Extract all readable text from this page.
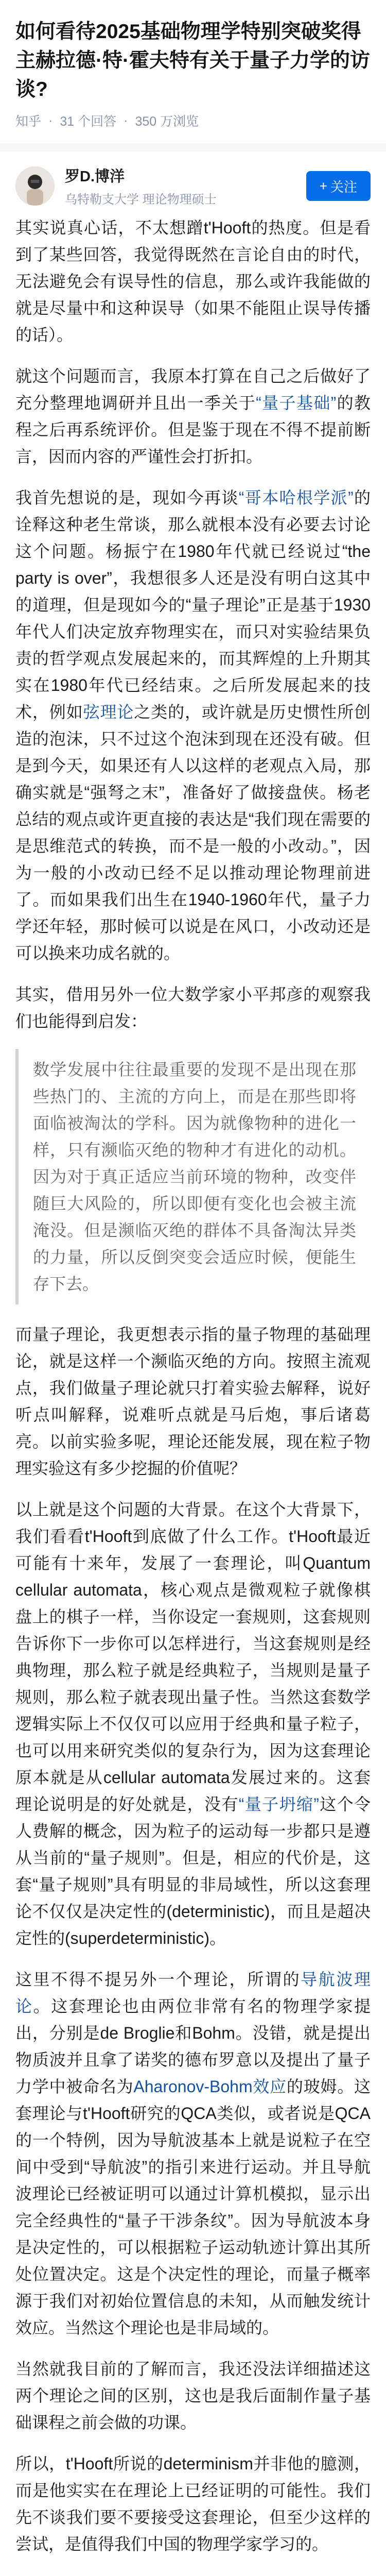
如何看待2025基础物理学特别突破奖得主赫拉德·特·霍夫特有关于量子力学的访谈?
知乎 · 31 个回答 · 350 万浏览
罗D.博洋
乌特勒支大学 理论物理硕士
+ 关注

其实说真心话，不太想蹭t'Hooft的热度。但是看到了某些回答，我觉得既然在言论自由的时代，无法避免会有误导性的信息，那么或许我能做的就是尽量中和这种误导（如果不能阻止误导传播的话）。

就这个问题而言，我原本打算在自己之后做好了充分整理地调研并且出一季关于“量子基础”的教程之后再系统评价。但是鉴于现在不得不提前断言，因而内容的严谨性会打折扣。

我首先想说的是，现如今再谈“哥本哈根学派”的诠释这种老生常谈，那么就根本没有必要去讨论这个问题。杨振宁在1980年代就已经说过“the party is over”，我想很多人还是没有明白这其中的道理，但是现如今的“量子理论”正是基于1930年代人们决定放弃物理实在，而只对实验结果负责的哲学观点发展起来的，而其辉煌的上升期其实在1980年代已经结束。之后所发展起来的技术，例如弦理论之类的，或许就是历史惯性所创造的泡沫，只不过这个泡沫到现在还没有破。但是到今天，如果还有人以这样的老观点入局，那确实就是“强弩之末”，准备好了做接盘侠。杨老总结的观点或许更直接的表达是“我们现在需要的是思维范式的转换，而不是一般的小改动。”，因为一般的小改动已经不足以推动理论物理前进了。而如果我们出生在1940-1960年代，量子力学还年轻，那时候可以说是在风口，小改动还是可以换来功成名就的。

其实，借用另外一位大数学家小平邦彦的观察我们也能得到启发：

数学发展中往往最重要的发现不是出现在那些热门的、主流的方向上，而是在那些即将面临被淘汰的学科。因为就像物种的进化一样，只有濒临灭绝的物种才有进化的动机。因为对于真正适应当前环境的物种，改变伴随巨大风险的，所以即便有变化也会被主流淹没。但是濒临灭绝的群体不具备淘汰异类的力量，所以反倒突变会适应时候，便能生存下去。

而量子理论，我更想表示指的量子物理的基础理论，就是这样一个濒临灭绝的方向。按照主流观点，我们做量子理论就只打着实验去解释，说好听点叫解释，说难听点就是马后炮，事后诸葛亮。以前实验多呢，理论还能发展，现在粒子物理实验这有多少挖掘的价值呢？

以上就是这个问题的大背景。在这个大背景下，我们看看t'Hooft到底做了什么工作。t'Hooft最近可能有十来年，发展了一套理论，叫Quantum cellular automata，核心观点是微观粒子就像棋盘上的棋子一样，当你设定一套规则，这套规则告诉你下一步你可以怎样进行，当这套规则是经典物理，那么粒子就是经典粒子，当规则是量子规则，那么粒子就表现出量子性。当然这套数学逻辑实际上不仅仅可以应用于经典和量子粒子，也可以用来研究类似的复杂行为，因为这套理论原本就是从cellular automata发展过来的。这套理论说明是的好处就是，没有“量子坍缩”这个令人费解的概念，因为粒子的运动每一步都只是遵从当前的“量子规则”。但是，相应的代价是，这套“量子规则”具有明显的非局域性，所以这套理论不仅仅是决定性的(deterministic)，而且是超决定性的(superdeterministic)。

这里不得不提另外一个理论，所谓的导航波理论。这套理论也由两位非常有名的物理学家提出，分别是de Broglie和Bohm。没错，就是提出物质波并且拿了诺奖的德布罗意以及提出了量子力学中被命名为Aharonov-Bohm效应的玻姆。这套理论与t'Hooft研究的QCA类似，或者说是QCA的一个特例，因为导航波基本上就是说粒子在空间中受到“导航波”的指引来进行运动。并且导航波理论已经被证明可以通过计算机模拟，显示出完全经典性的“量子干涉条纹”。因为导航波本身是决定性的，可以根据粒子运动轨迹计算出其所处位置决定。这是个决定性的理论，而量子概率源于我们对初始位置信息的未知，从而触发统计效应。当然这个理论也是非局域的。

当然就我目前的了解而言，我还没法详细描述这两个理论之间的区别，这也是我后面制作量子基础课程之前会做的功课。

所以，t'Hooft所说的determinism并非他的臆测，而是他实实在在理论上已经证明的可能性。我们先不谈我们要不要接受这套理论，但至少这样的尝试，是值得我们中国的物理学家学习的。
